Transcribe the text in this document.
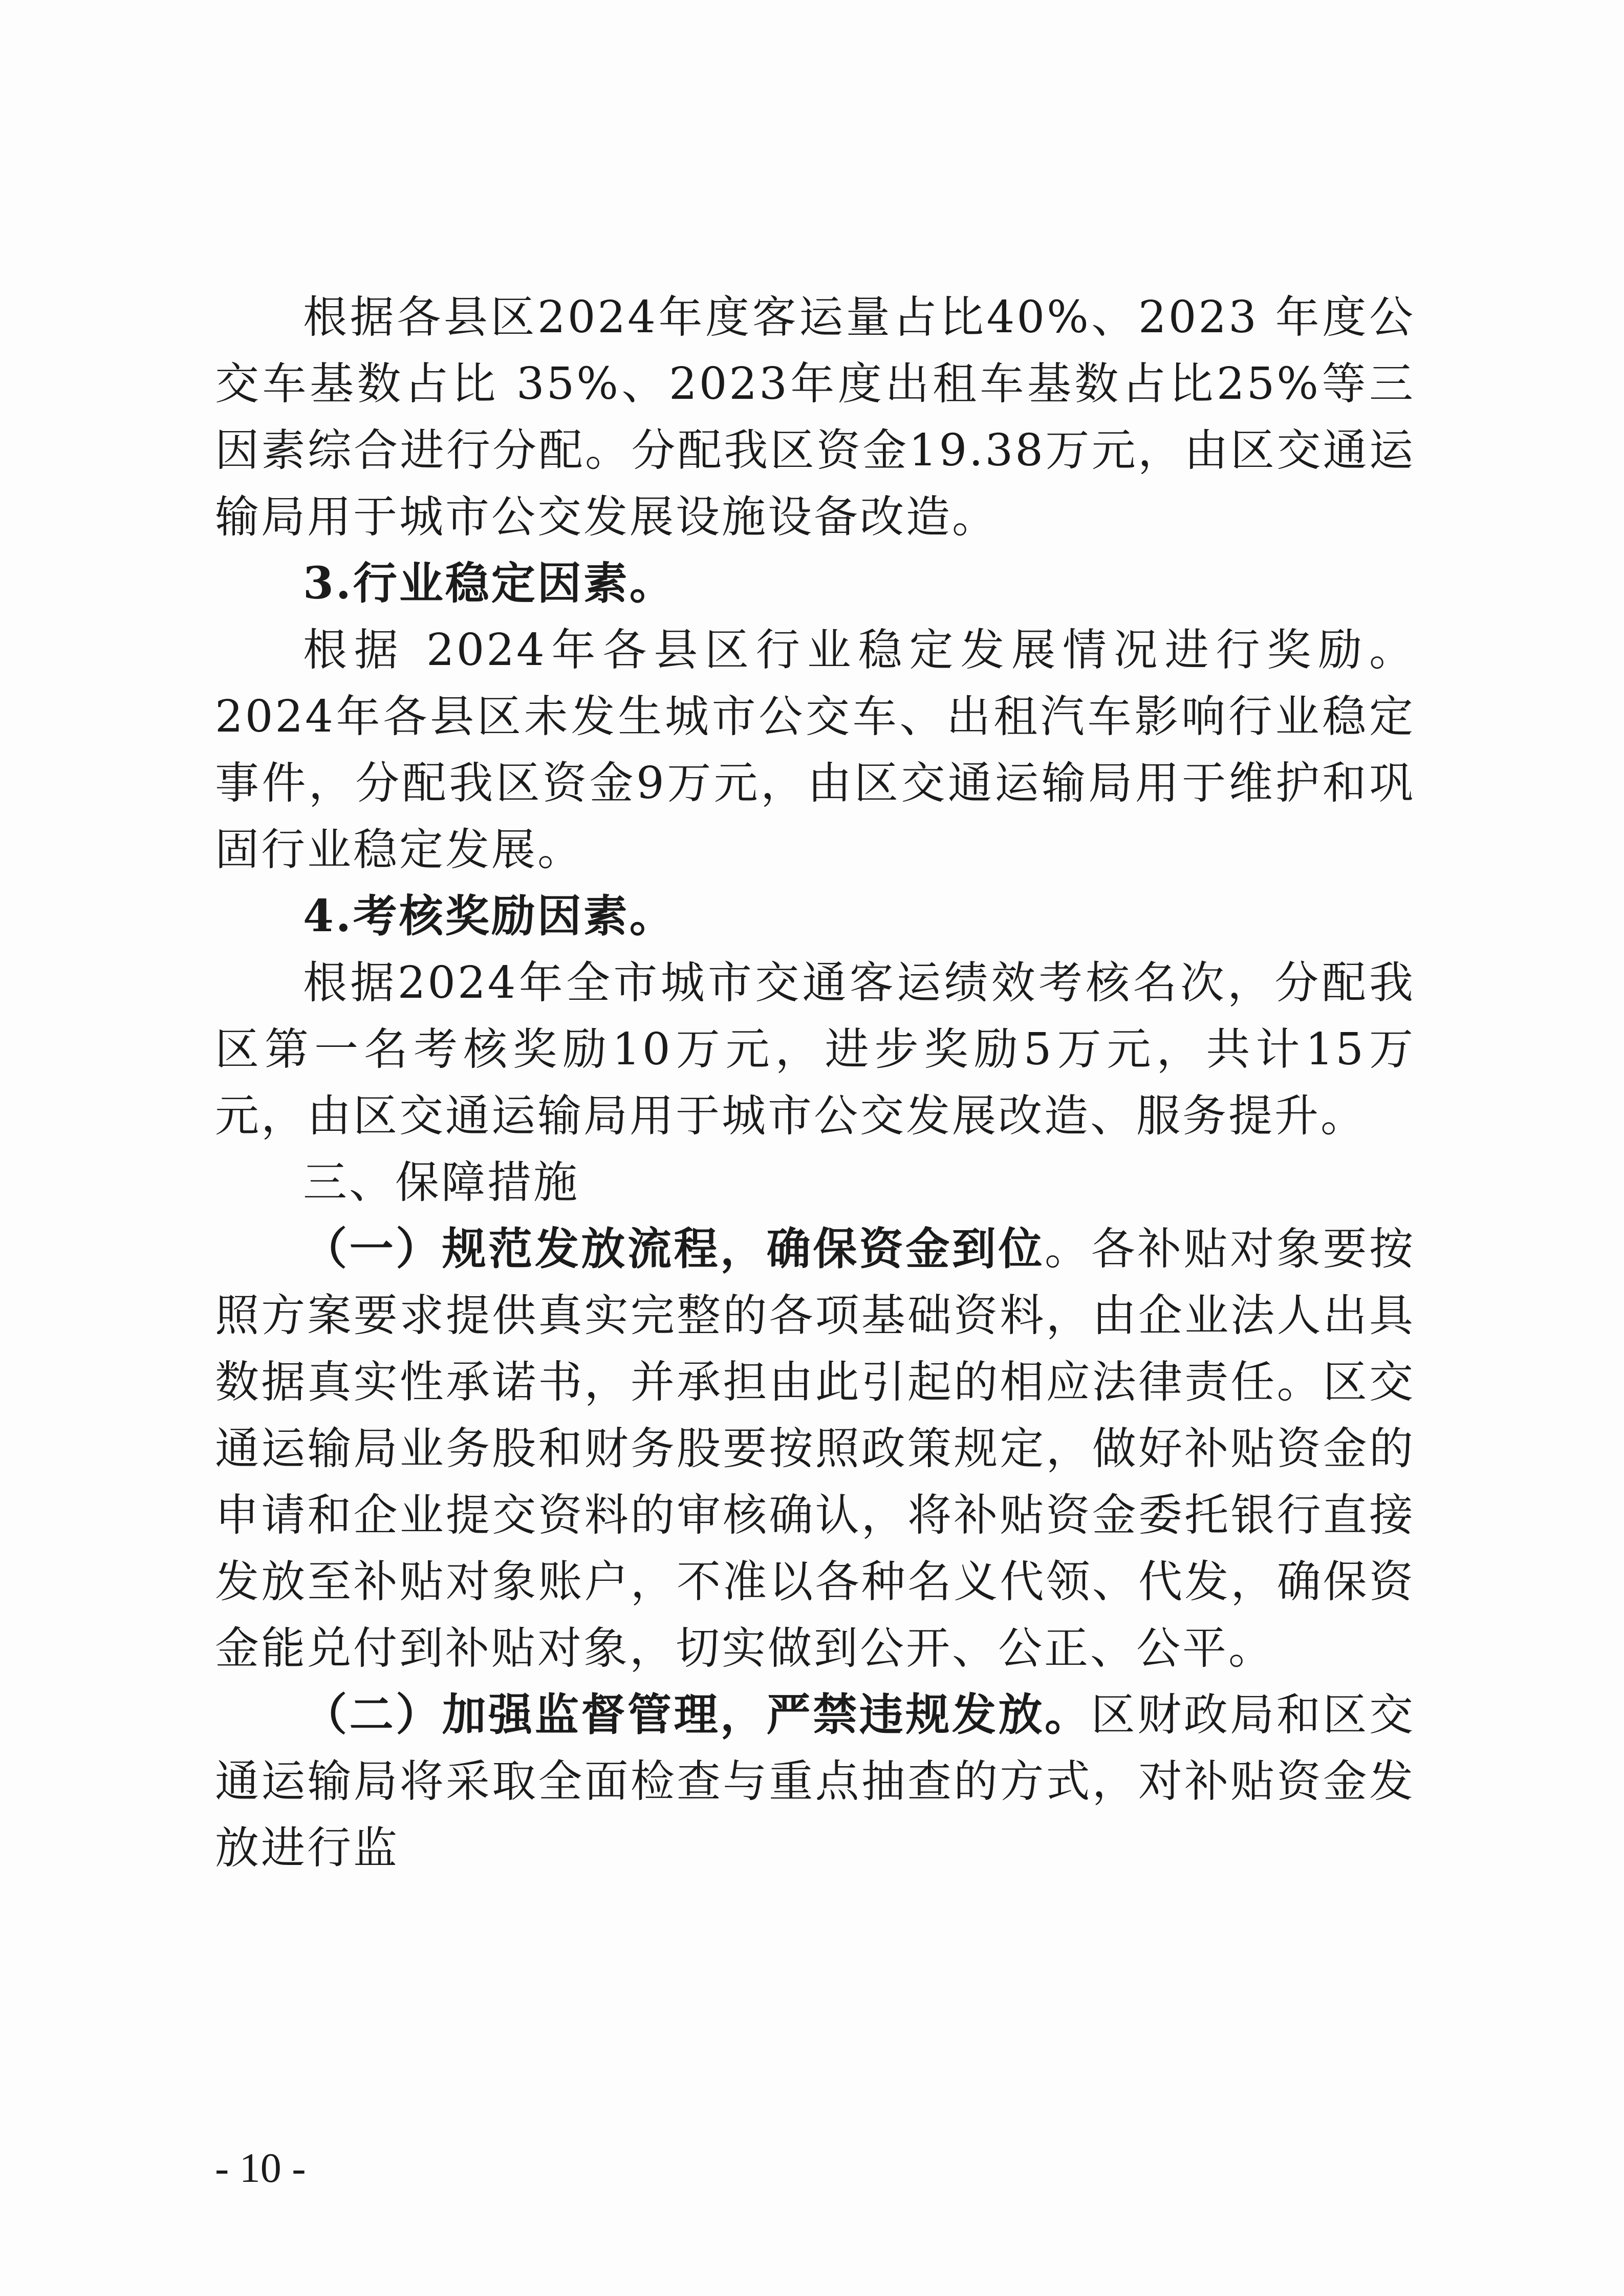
根据各县区2024年度客运量占比40%、2023 年度公交车基数占比 35%、2023年度出租车基数占比25%等三因素综合进行分配。分配我区资金19.38万元，由区交通运输局用于城市公交发展设施设备改造。

3.行业稳定因素。

根据 2024年各县区行业稳定发展情况进行奖励。2024年各县区未发生城市公交车、出租汽车影响行业稳定事件，分配我区资金9万元，由区交通运输局用于维护和巩固行业稳定发展。

4.考核奖励因素。

根据2024年全市城市交通客运绩效考核名次，分配我区第一名考核奖励10万元，进步奖励5万元，共计15万元，由区交通运输局用于城市公交发展改造、服务提升。

三、保障措施

（一）规范发放流程，确保资金到位。各补贴对象要按照方案要求提供真实完整的各项基础资料，由企业法人出具数据真实性承诺书，并承担由此引起的相应法律责任。区交通运输局业务股和财务股要按照政策规定，做好补贴资金的申请和企业提交资料的审核确认，将补贴资金委托银行直接发放至补贴对象账户，不准以各种名义代领、代发，确保资金能兑付到补贴对象，切实做到公开、公正、公平。

（二）加强监督管理，严禁违规发放。区财政局和区交通运输局将采取全面检查与重点抽查的方式，对补贴资金发放进行监

- 10 -
